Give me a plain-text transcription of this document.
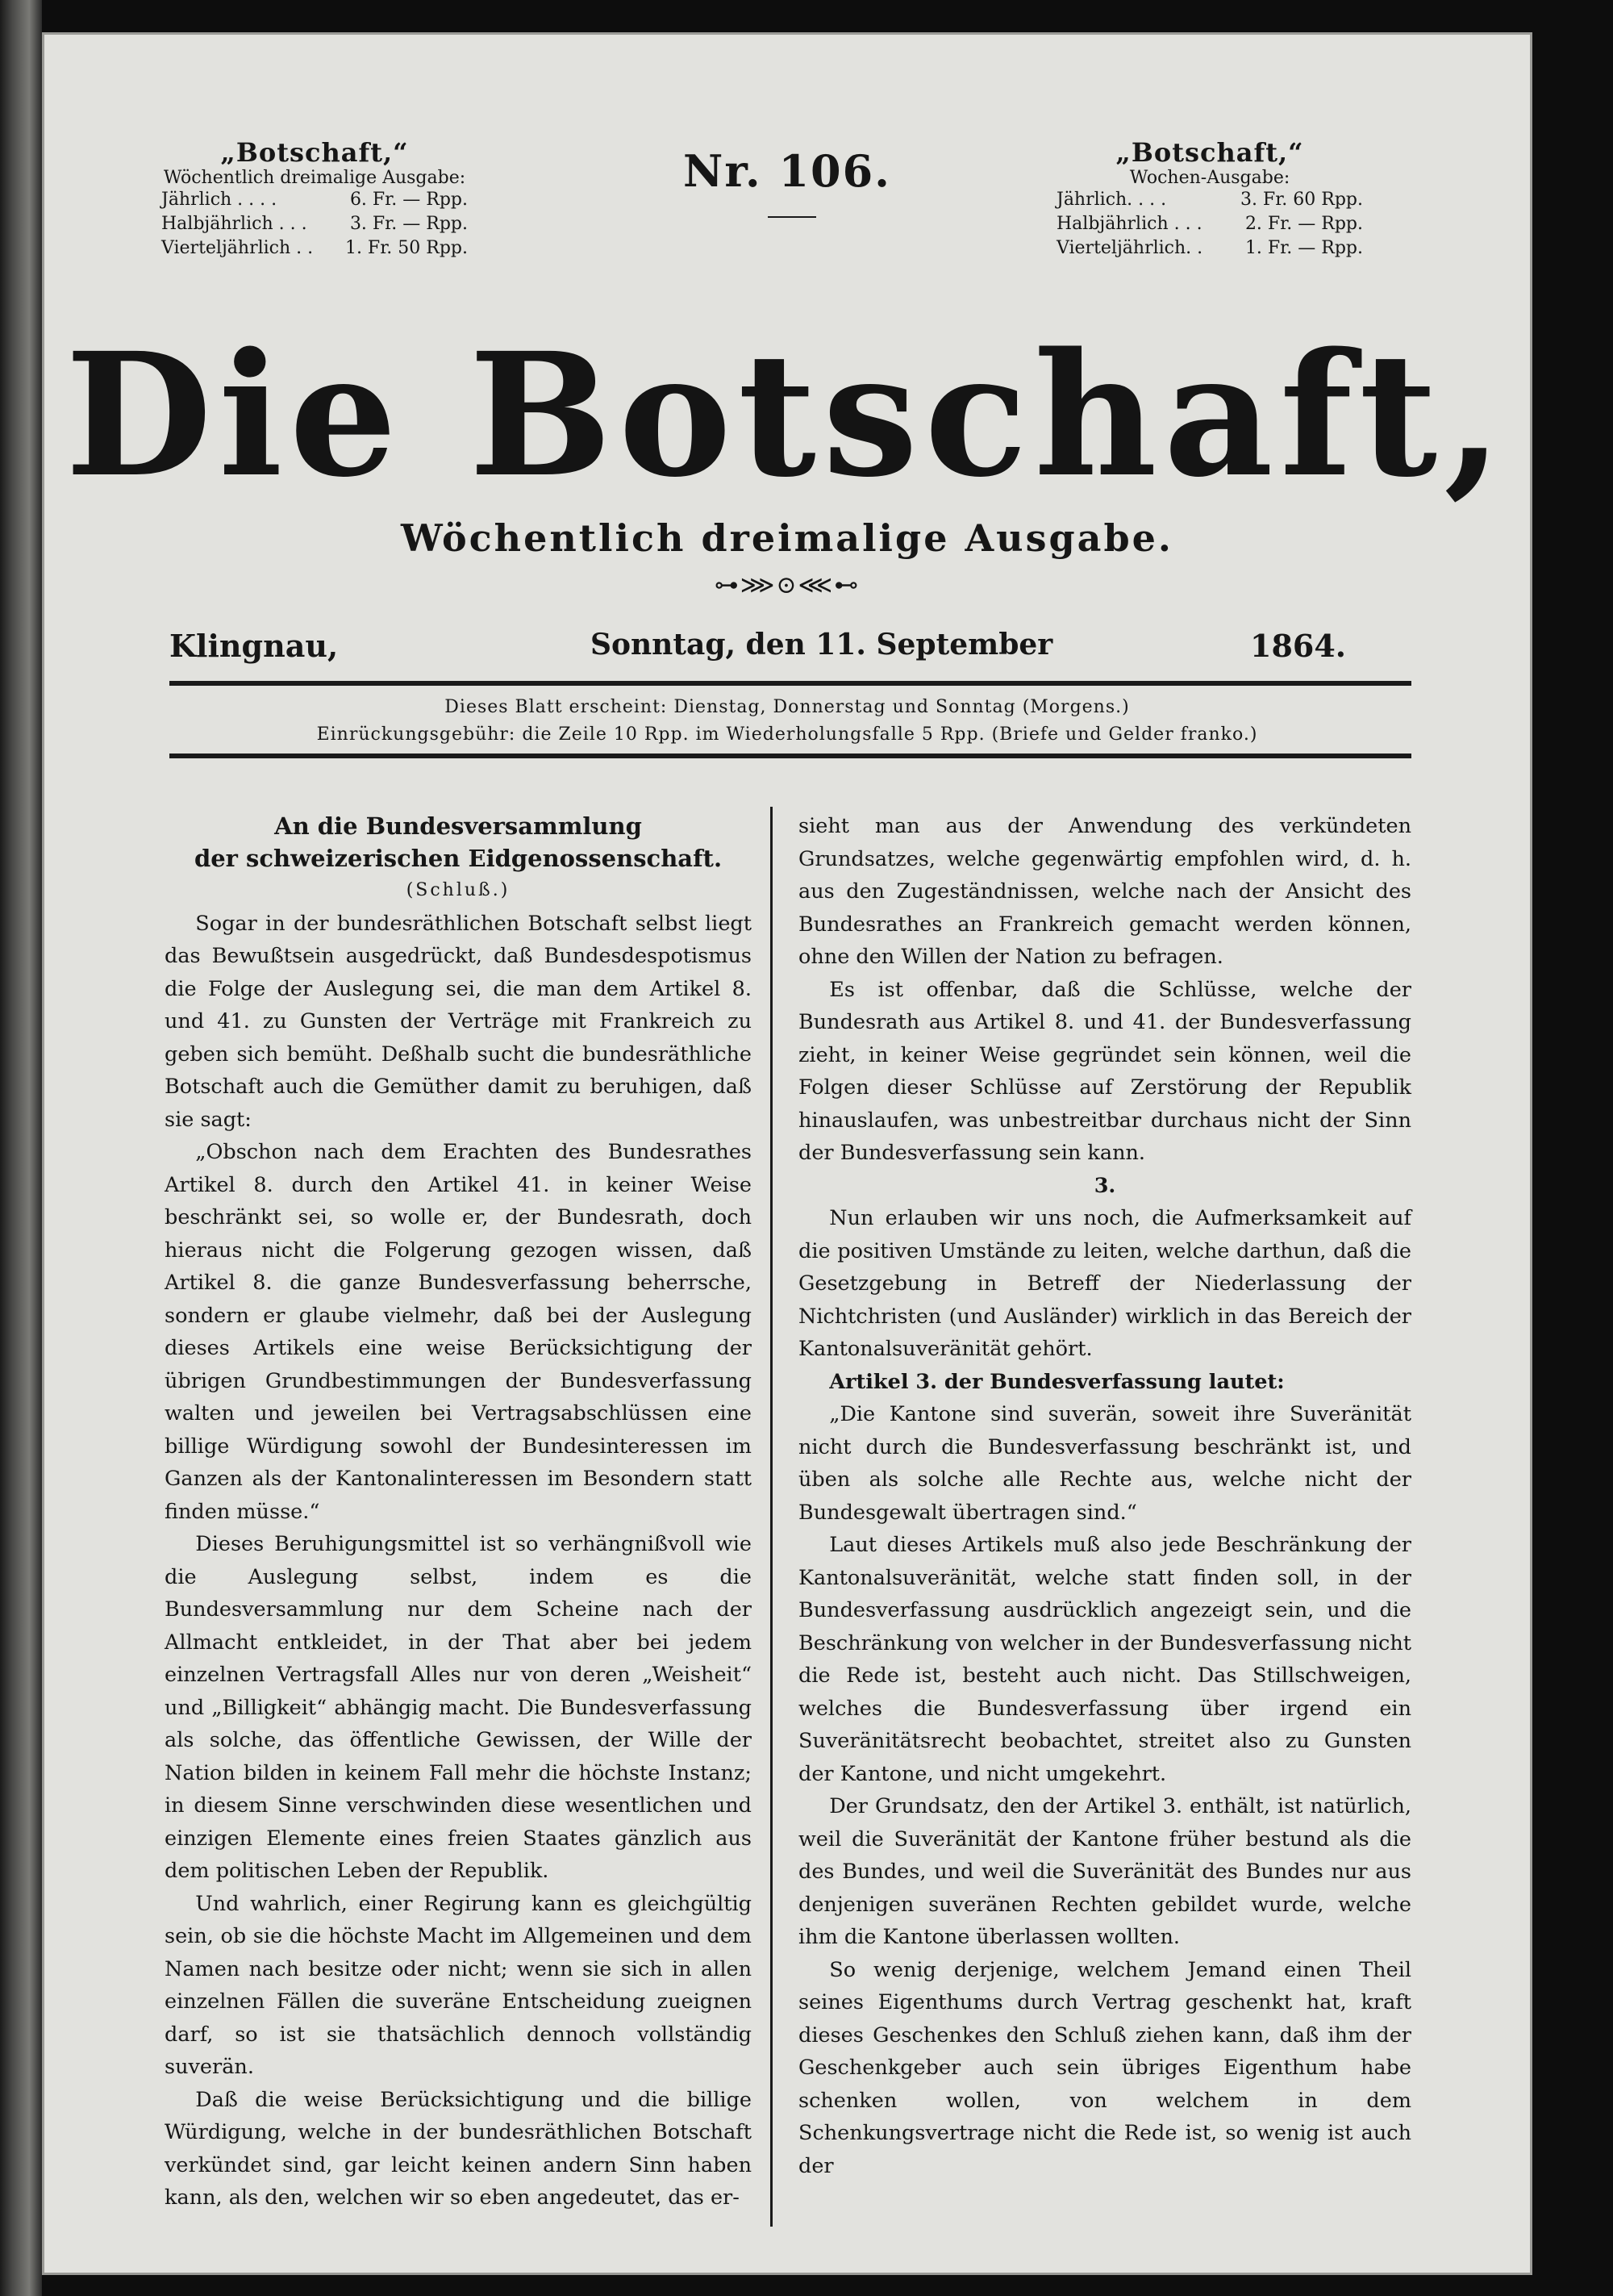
„Botschaft,“
Wöchentlich dreimalige Ausgabe:
Jährlich . . . .	6. Fr. — Rpp.
Halbjährlich . . . 3. Fr. — Rpp.
Vierteljährlich . . 1. Fr. 50 Rpp.
Nr. 106.	„Botschaft,“
Wochen-Ausgabe:
Jährlich. . . .	3. Fr. 60 Rpp.
Halbjährlich . . . 2. Fr. — Rpp.
Vierteljährlich. . 1. Fr. — Rpp.
Die Botschaft,
Wöchentlich dreimalige Ausgabe.
⊶⋙⊙⋘⊷
Klingnau,	Sonntag, den 11. September	1864.
Dieses Blatt erscheint: Dienstag, Donnerstag und Sonntag (Morgens.)
Einrückungsgebühr: die Zeile 10 Rpp. im Wiederholungsfalle 5 Rpp. (Briefe und Gelder franko.)

An die Bundesversammlung

der schweizerischen Eidgenossenschaft.

(Schluß.)

Sogar in der bundesräthlichen Botschaft selbst liegt das Bewußtsein ausgedrückt, daß Bundesdespotismus die Folge der Auslegung sei, die man dem Artikel 8. und 41. zu Gunsten der Verträge mit Frankreich zu geben sich bemüht. Deßhalb sucht die bundesräthliche Botschaft auch die Gemüther damit zu beruhigen, daß sie sagt:

„Obschon nach dem Erachten des Bundesrathes Artikel 8. durch den Artikel 41. in keiner Weise beschränkt sei, so wolle er, der Bundesrath, doch hieraus nicht die Folgerung gezogen wissen, daß Artikel 8. die ganze Bundesverfassung beherrsche, sondern er glaube vielmehr, daß bei der Auslegung dieses Artikels eine weise Berücksichtigung der übrigen Grundbestimmungen der Bundesverfassung walten und jeweilen bei Vertragsabschlüssen eine billige Würdigung sowohl der Bundesinteressen im Ganzen als der Kantonalinteressen im Besondern statt finden müsse.“

Dieses Beruhigungsmittel ist so verhängnißvoll wie die Auslegung selbst, indem es die Bundesversammlung nur dem Scheine nach der Allmacht entkleidet, in der That aber bei jedem einzelnen Vertragsfall Alles nur von deren „Weisheit“ und „Billigkeit“ abhängig macht. Die Bundesverfassung als solche, das öffentliche Gewissen, der Wille der Nation bilden in keinem Fall mehr die höchste Instanz; in diesem Sinne verschwinden diese wesentlichen und einzigen Elemente eines freien Staates gänzlich aus dem politischen Leben der Republik.

Und wahrlich, einer Regirung kann es gleichgültig sein, ob sie die höchste Macht im Allgemeinen und dem Namen nach besitze oder nicht; wenn sie sich in allen einzelnen Fällen die suveräne Entscheidung zueignen darf, so ist sie thatsächlich dennoch vollständig suverän.

Daß die weise Berücksichtigung und die billige Würdigung, welche in der bundesräthlichen Botschaft verkündet sind, gar leicht keinen andern Sinn haben kann, als den, welchen wir so eben angedeutet, das er-

sieht man aus der Anwendung des verkündeten Grundsatzes, welche gegenwärtig empfohlen wird, d. h. aus den Zugeständnissen, welche nach der Ansicht des Bundesrathes an Frankreich gemacht werden können, ohne den Willen der Nation zu befragen.

Es ist offenbar, daß die Schlüsse, welche der Bundesrath aus Artikel 8. und 41. der Bundesverfassung zieht, in keiner Weise gegründet sein können, weil die Folgen dieser Schlüsse auf Zerstörung der Republik hinauslaufen, was unbestreitbar durchaus nicht der Sinn der Bundesverfassung sein kann.

3.

Nun erlauben wir uns noch, die Aufmerksamkeit auf die positiven Umstände zu leiten, welche darthun, daß die Gesetzgebung in Betreff der Niederlassung der Nichtchristen (und Ausländer) wirklich in das Bereich der Kantonalsuveränität gehört.

Artikel 3. der Bundesverfassung lautet:

„Die Kantone sind suverän, soweit ihre Suveränität nicht durch die Bundesverfassung beschränkt ist, und üben als solche alle Rechte aus, welche nicht der Bundesgewalt übertragen sind.“

Laut dieses Artikels muß also jede Beschränkung der Kantonalsuveränität, welche statt finden soll, in der Bundesverfassung ausdrücklich angezeigt sein, und die Beschränkung von welcher in der Bundesverfassung nicht die Rede ist, besteht auch nicht. Das Stillschweigen, welches die Bundesverfassung über irgend ein Suveränitätsrecht beobachtet, streitet also zu Gunsten der Kantone, und nicht umgekehrt.

Der Grundsatz, den der Artikel 3. enthält, ist natürlich, weil die Suveränität der Kantone früher bestund als die des Bundes, und weil die Suveränität des Bundes nur aus denjenigen suveränen Rechten gebildet wurde, welche ihm die Kantone überlassen wollten.

So wenig derjenige, welchem Jemand einen Theil seines Eigenthums durch Vertrag geschenkt hat, kraft dieses Geschenkes den Schluß ziehen kann, daß ihm der Geschenkgeber auch sein übriges Eigenthum habe schenken wollen, von welchem in dem Schenkungsvertrage nicht die Rede ist, so wenig ist auch der
